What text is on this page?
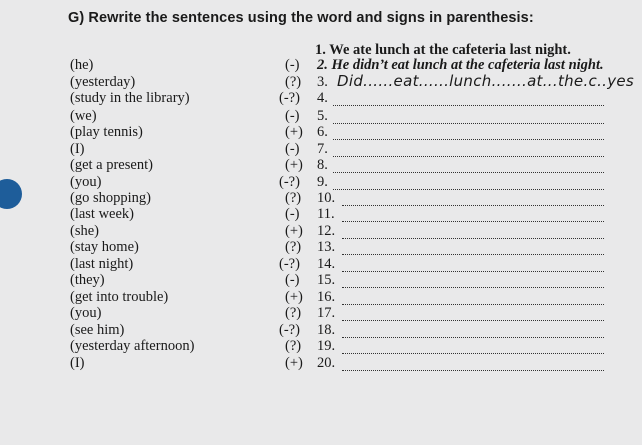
G) Rewrite the sentences using the word and signs in parenthesis:
1. We ate lunch at the cafeteria last night.
2. He didn’t eat lunch at the cafeteria last night.
Did......eat......lunch.......at...the.c..yes
(he)	(-)
(yesterday)	(?) 3.
(study in the library)	(-?) 4.
(we)	(-) 5.
(play tennis)	(+) 6.
(I)	(-) 7.
(get a present)	(+) 8.
(you)	(-?) 9.
(go shopping)	(?) 10.
(last week)	(-) 11.
(she)	(+) 12.
(stay home)	(?) 13.
(last night)	(-?) 14.
(they)	(-) 15.
(get into trouble)	(+) 16.
(you)	(?) 17.
(see him)	(-?) 18.
(yesterday afternoon)	(?) 19.
(I)	(+) 20.
